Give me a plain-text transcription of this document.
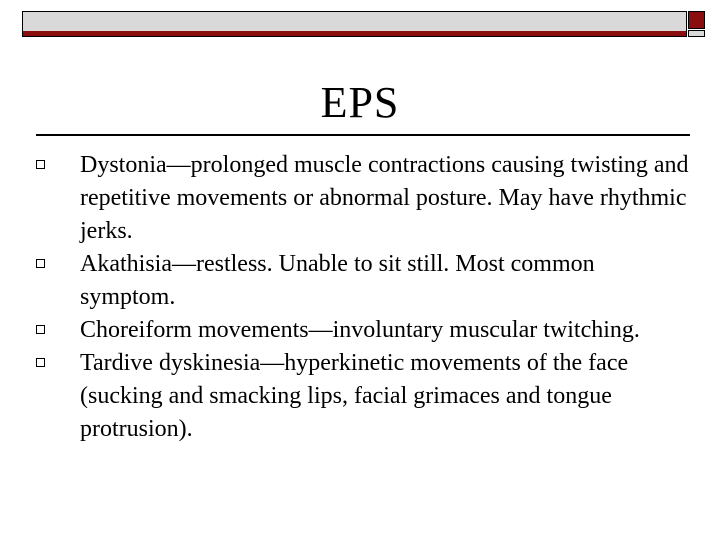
EPS
Dystonia—prolonged muscle contractions causing twisting and repetitive movements or abnormal posture. May have rhythmic jerks.
Akathisia—restless. Unable to sit still. Most common symptom.
Choreiform movements—involuntary muscular twitching.
Tardive dyskinesia—hyperkinetic movements of the face (sucking and smacking lips, facial grimaces and tongue protrusion).
